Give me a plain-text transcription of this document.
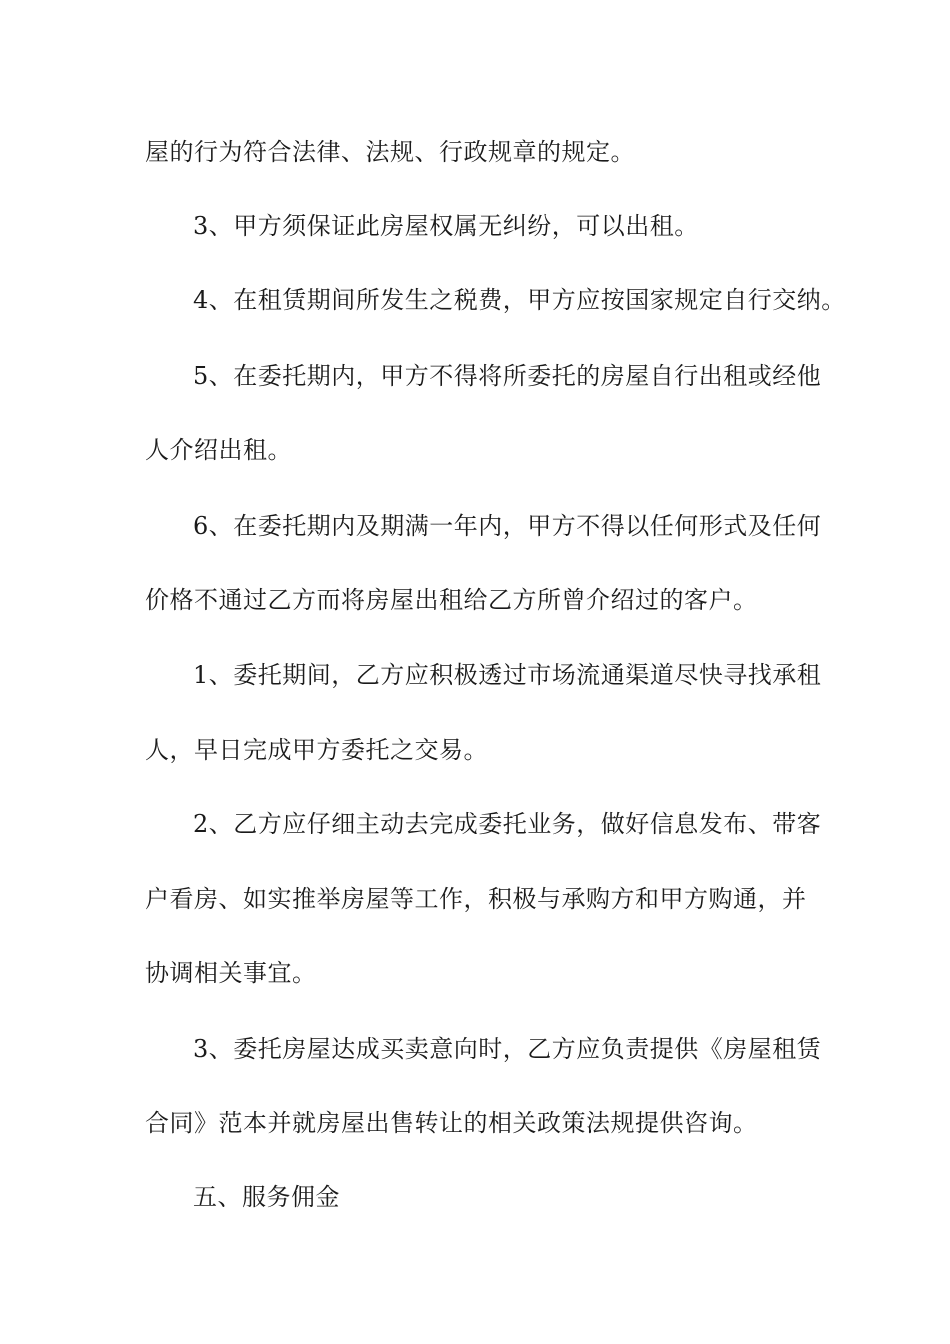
屋的行为符合法律、法规、行政规章的规定。
3、甲方须保证此房屋权属无纠纷，可以出租。
4、在租赁期间所发生之税费，甲方应按国家规定自行交纳。
5、在委托期内，甲方不得将所委托的房屋自行出租或经他
人介绍出租。
6、在委托期内及期满一年内，甲方不得以任何形式及任何
价格不通过乙方而将房屋出租给乙方所曾介绍过的客户。
1、委托期间，乙方应积极透过市场流通渠道尽快寻找承租
人，早日完成甲方委托之交易。
2、乙方应仔细主动去完成委托业务，做好信息发布、带客
户看房、如实推举房屋等工作，积极与承购方和甲方购通，并
协调相关事宜。
3、委托房屋达成买卖意向时，乙方应负责提供《房屋租赁
合同》范本并就房屋出售转让的相关政策法规提供咨询。
五、服务佣金
